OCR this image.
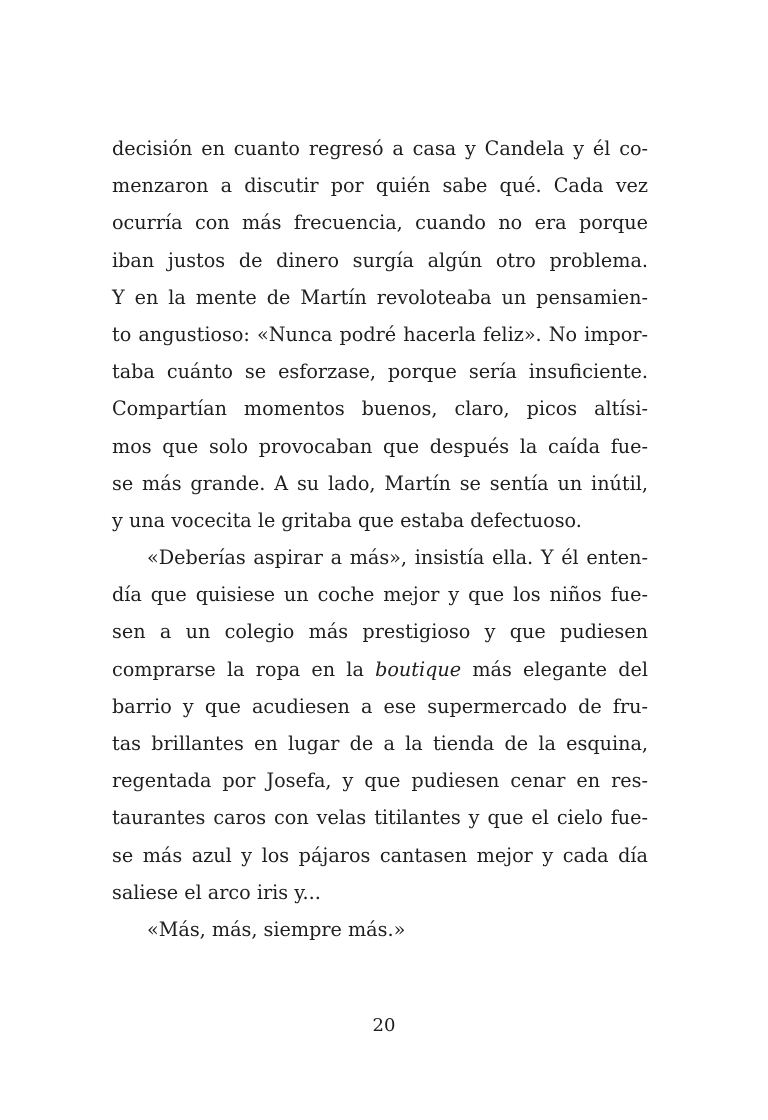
decisión en cuanto regresó a casa y Candela y él co-
menzaron a discutir por quién sabe qué. Cada vez
ocurría con más frecuencia, cuando no era porque
iban justos de dinero surgía algún otro problema.
Y en la mente de Martín revoloteaba un pensamien-
to angustioso: «Nunca podré hacerla feliz». No impor-
taba cuánto se esforzase, porque sería insuficiente.
Compartían momentos buenos, claro, picos altísi-
mos que solo provocaban que después la caída fue-
se más grande. A su lado, Martín se sentía un inútil,
y una vocecita le gritaba que estaba defectuoso.
«Deberías aspirar a más», insistía ella. Y él enten-
día que quisiese un coche mejor y que los niños fue-
sen a un colegio más prestigioso y que pudiesen
comprarse la ropa en la boutique más elegante del
barrio y que acudiesen a ese supermercado de fru-
tas brillantes en lugar de a la tienda de la esquina,
regentada por Josefa, y que pudiesen cenar en res-
taurantes caros con velas titilantes y que el cielo fue-
se más azul y los pájaros cantasen mejor y cada día
saliese el arco iris y...
«Más, más, siempre más.»
20
